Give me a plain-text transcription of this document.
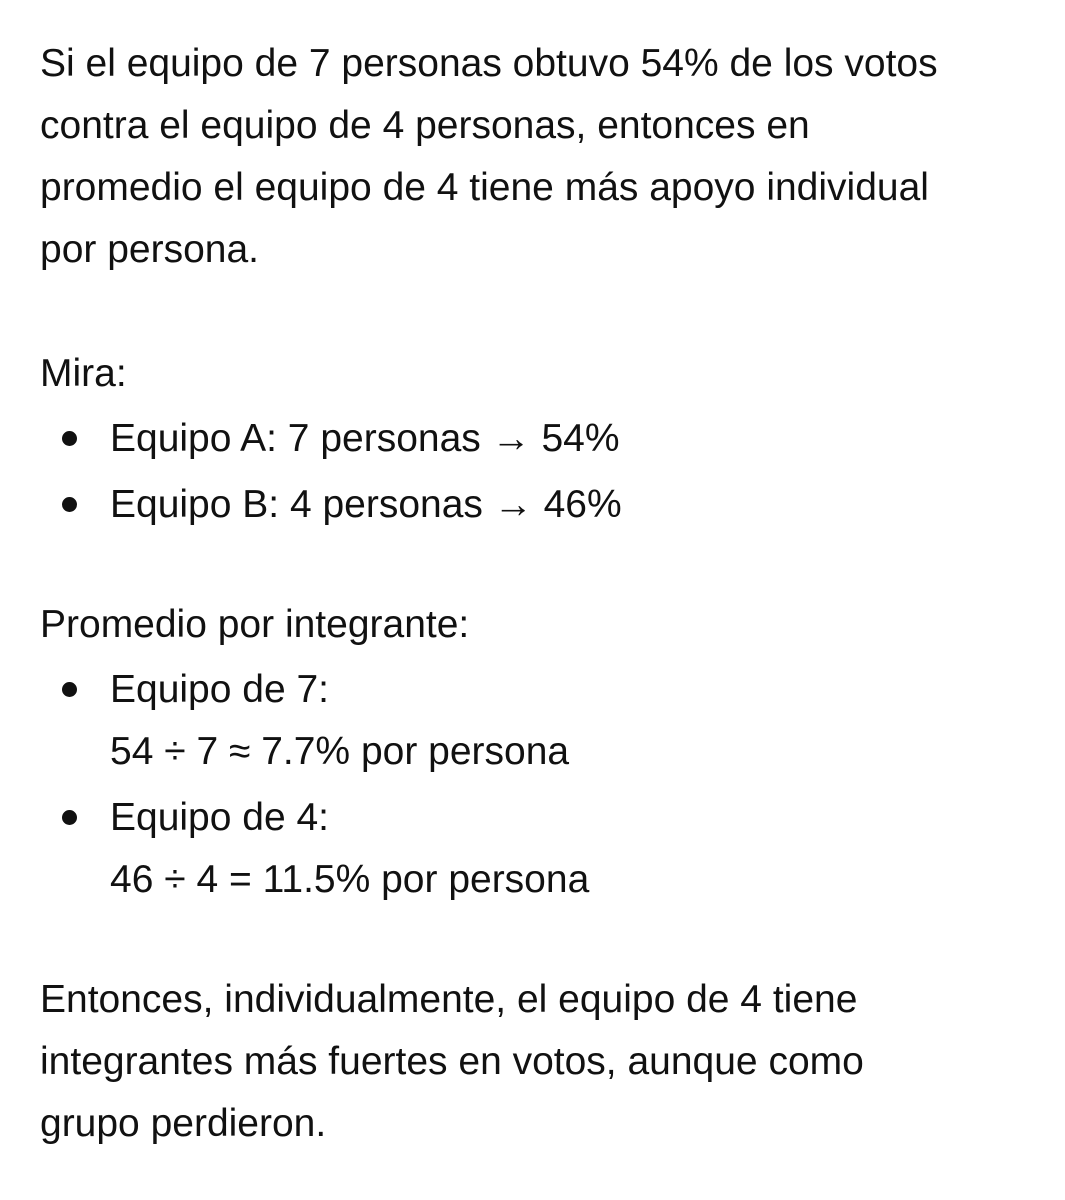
Si el equipo de 7 personas obtuvo 54% de los votos
contra el equipo de 4 personas, entonces en
promedio el equipo de 4 tiene más apoyo individual
por persona.

Mira:

Equipo A: 7 personas → 54%
Equipo B: 4 personas → 46%

Promedio por integrante:

Equipo de 7:
54 ÷ 7 ≈ 7.7% por persona
Equipo de 4:
46 ÷ 4 = 11.5% por persona

Entonces, individualmente, el equipo de 4 tiene
integrantes más fuertes en votos, aunque como
grupo perdieron.
